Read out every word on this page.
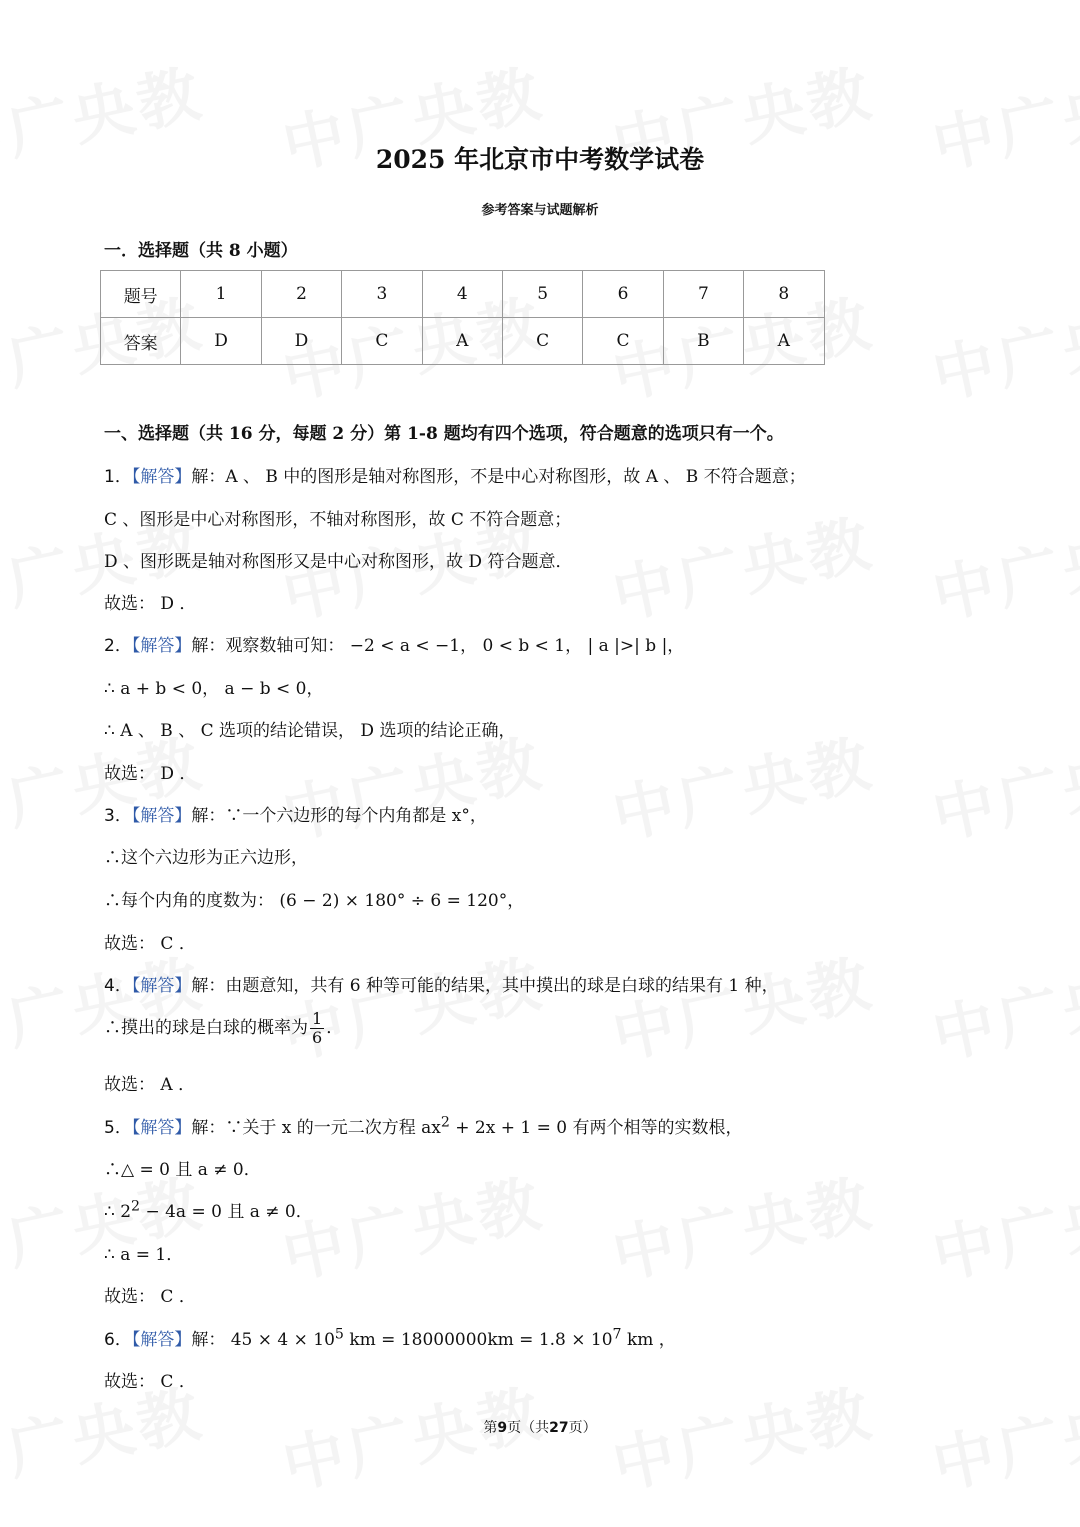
2025 年北京市中考数学试卷
参考答案与试题解析
一．选择题（共 8 小题）
题号	1	2	3	4	5	6	7	8
答案	D	D	C	A	C	C	B	A
一、选择题（共 16 分，每题 2 分）第 1-8 题均有四个选项，符合题意的选项只有一个。
1．【解答】解：A 、 B 中的图形是轴对称图形，不是中心对称图形，故 A 、 B 不符合题意；
C 、图形是中心对称图形，不轴对称图形，故 C 不符合题意；
D 、图形既是轴对称图形又是中心对称图形，故 D 符合题意．
故选： D ．
2．【解答】解：观察数轴可知： −2 < a < −1， 0 < b < 1， | a |>| b |，
∴ a + b < 0， a − b < 0，
∴ A 、 B 、 C 选项的结论错误， D 选项的结论正确，
故选： D ．
3．【解答】解：∵一个六边形的每个内角都是 x°，
∴这个六边形为正六边形，
∴每个内角的度数为： (6 − 2) × 180° ÷ 6 = 120°，
故选： C ．
4．【解答】解：由题意知，共有 6 种等可能的结果，其中摸出的球是白球的结果有 1 种，
∴摸出的球是白球的概率为 $\frac{1}{6}$ ．
故选： A ．
5．【解答】解：∵关于 x 的一元二次方程 $ax^2 + 2x + 1 = 0$ 有两个相等的实数根，
∴△ = 0 且 a ≠ 0．
∴ $2^2 - 4a = 0$ 且 a ≠ 0．
∴ a = 1．
故选： C ．
6．【解答】解： $45 \times 4 \times 10^5$ km = $18000000km = 1.8 \times 10^7$ km ，
故选： C ．
第9页（共27页）
